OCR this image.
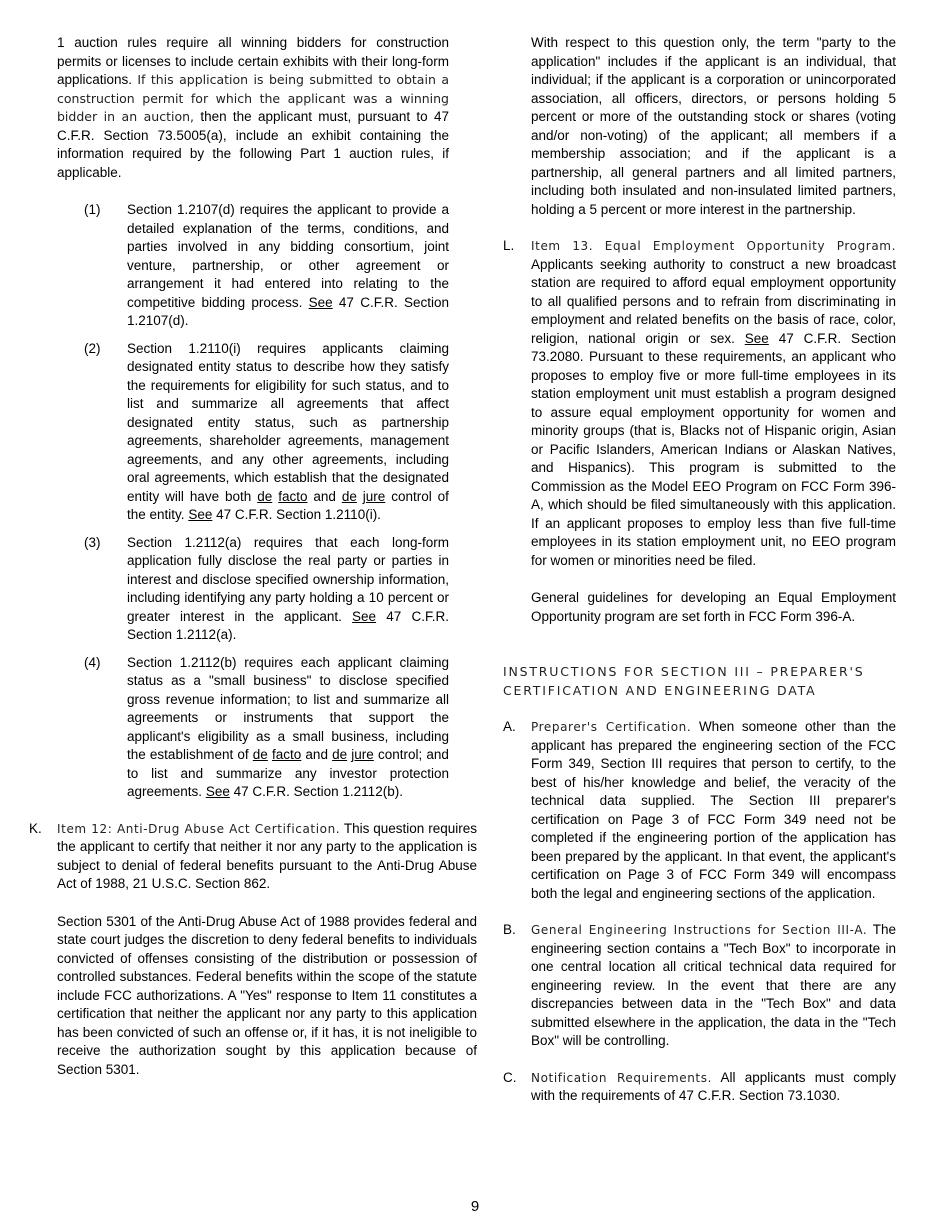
1 auction rules require all winning bidders for construction permits or licenses to include certain exhibits with their long-form applications. If this application is being submitted to obtain a construction permit for which the applicant was a winning bidder in an auction, then the applicant must, pursuant to 47 C.F.R. Section 73.5005(a), include an exhibit containing the information required by the following Part 1 auction rules, if applicable.

(1) Section 1.2107(d) requires the applicant to provide a detailed explanation of the terms, conditions, and parties involved in any bidding consortium, joint venture, partnership, or other agreement or arrangement it had entered into relating to the competitive bidding process. See 47 C.F.R. Section 1.2107(d).

(2) Section 1.2110(i) requires applicants claiming designated entity status to describe how they satisfy the requirements for eligibility for such status, and to list and summarize all agreements that affect designated entity status, such as partnership agreements, shareholder agreements, management agreements, and any other agreements, including oral agreements, which establish that the designated entity will have both de facto and de jure control of the entity. See 47 C.F.R. Section 1.2110(i).

(3) Section 1.2112(a) requires that each long-form application fully disclose the real party or parties in interest and disclose specified ownership information, including identifying any party holding a 10 percent or greater interest in the applicant. See 47 C.F.R. Section 1.2112(a).

(4) Section 1.2112(b) requires each applicant claiming status as a "small business" to disclose specified gross revenue information; to list and summarize all agreements or instruments that support the applicant's eligibility as a small business, including the establishment of de facto and de jure control; and to list and summarize any investor protection agreements. See 47 C.F.R. Section 1.2112(b).

K. Item 12: Anti-Drug Abuse Act Certification. This question requires the applicant to certify that neither it nor any party to the application is subject to denial of federal benefits pursuant to the Anti-Drug Abuse Act of 1988, 21 U.S.C. Section 862.

Section 5301 of the Anti-Drug Abuse Act of 1988 provides federal and state court judges the discretion to deny federal benefits to individuals convicted of offenses consisting of the distribution or possession of controlled substances. Federal benefits within the scope of the statute include FCC authorizations. A "Yes" response to Item 11 constitutes a certification that neither the applicant nor any party to this application has been convicted of such an offense or, if it has, it is not ineligible to receive the authorization sought by this application because of Section 5301.

With respect to this question only, the term "party to the application" includes if the applicant is an individual, that individual; if the applicant is a corporation or unincorporated association, all officers, directors, or persons holding 5 percent or more of the outstanding stock or shares (voting and/or non-voting) of the applicant; all members if a membership association; and if the applicant is a partnership, all general partners and all limited partners, including both insulated and non-insulated limited partners, holding a 5 percent or more interest in the partnership.

L. Item 13. Equal Employment Opportunity Program. Applicants seeking authority to construct a new broadcast station are required to afford equal employment opportunity to all qualified persons and to refrain from discriminating in employment and related benefits on the basis of race, color, religion, national origin or sex. See 47 C.F.R. Section 73.2080. Pursuant to these requirements, an applicant who proposes to employ five or more full-time employees in its station employment unit must establish a program designed to assure equal employment opportunity for women and minority groups (that is, Blacks not of Hispanic origin, Asian or Pacific Islanders, American Indians or Alaskan Natives, and Hispanics). This program is submitted to the Commission as the Model EEO Program on FCC Form 396-A, which should be filed simultaneously with this application. If an applicant proposes to employ less than five full-time employees in its station employment unit, no EEO program for women or minorities need be filed.

General guidelines for developing an Equal Employment Opportunity program are set forth in FCC Form 396-A.

INSTRUCTIONS FOR SECTION III – PREPARER'S CERTIFICATION AND ENGINEERING DATA
A. Preparer's Certification. When someone other than the applicant has prepared the engineering section of the FCC Form 349, Section III requires that person to certify, to the best of his/her knowledge and belief, the veracity of the technical data supplied. The Section III preparer's certification on Page 3 of FCC Form 349 need not be completed if the engineering portion of the application has been prepared by the applicant. In that event, the applicant's certification on Page 3 of FCC Form 349 will encompass both the legal and engineering sections of the application.

B. General Engineering Instructions for Section III-A. The engineering section contains a "Tech Box" to incorporate in one central location all critical technical data required for engineering review. In the event that there are any discrepancies between data in the "Tech Box" and data submitted elsewhere in the application, the data in the "Tech Box" will be controlling.

C. Notification Requirements. All applicants must comply with the requirements of 47 C.F.R. Section 73.1030.

9
